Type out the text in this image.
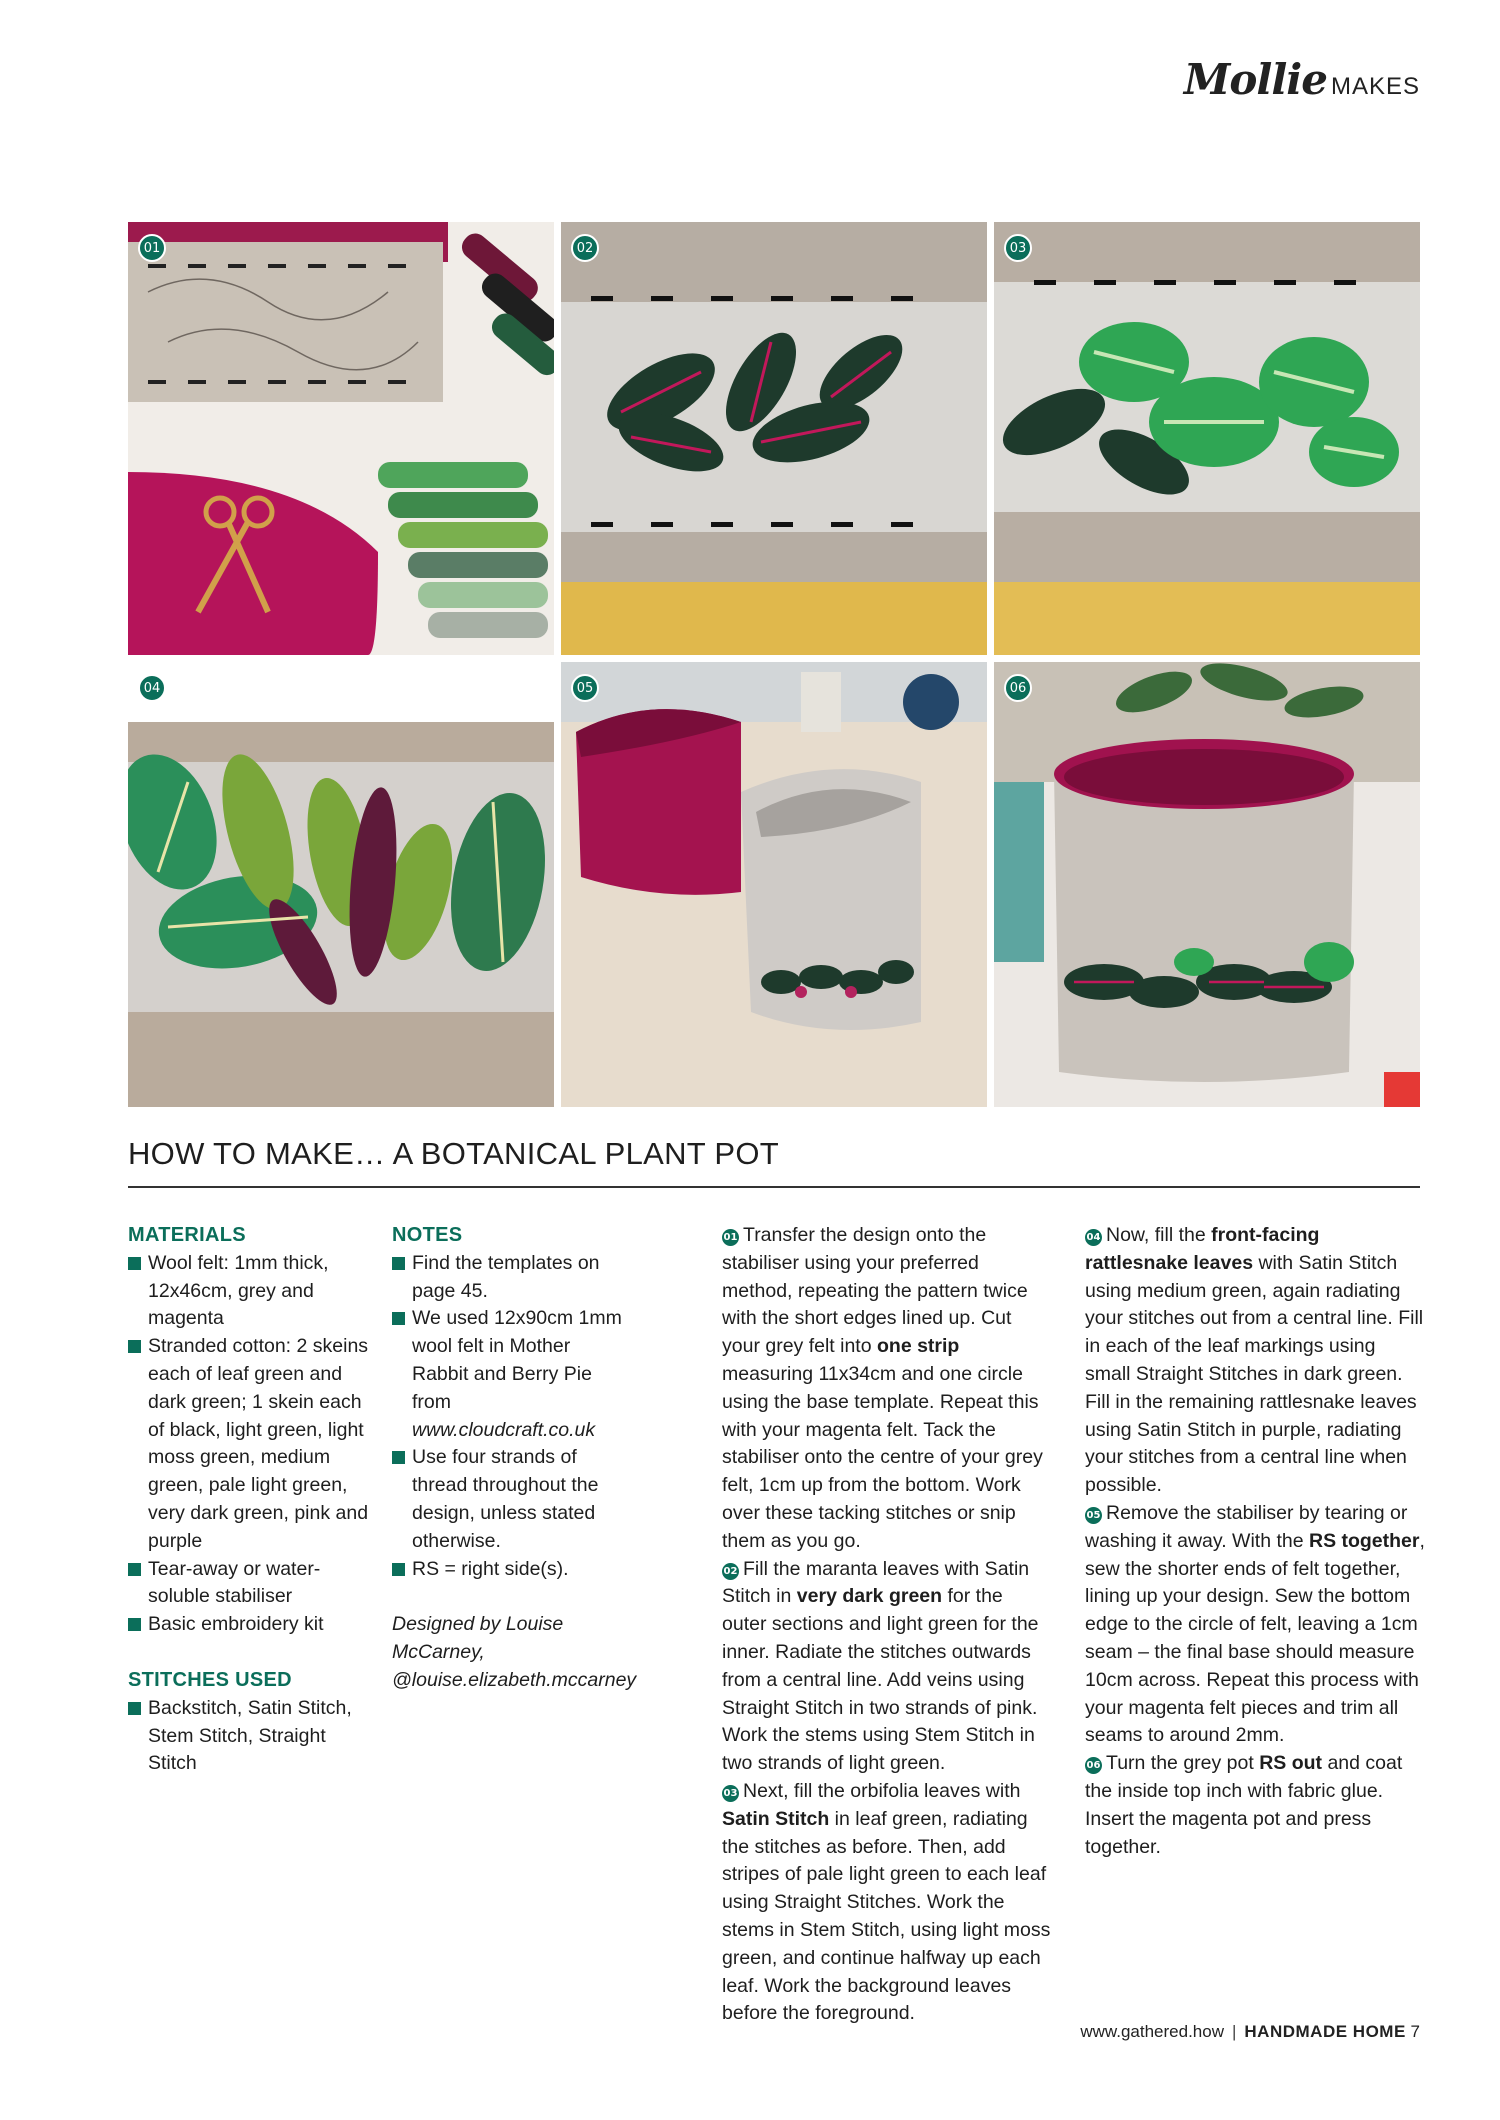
Mollie MAKES
01	02	03
04	05	06
HOW TO MAKE… A BOTANICAL PLANT POT

MATERIALS

Wool felt: 1mm thick, 12x46cm, grey and magenta
Stranded cotton: 2 skeins each of leaf green and dark green; 1 skein each of black, light green, light moss green, medium green, pale light green, very dark green, pink and purple
Tear-away or water-soluble stabiliser
Basic embroidery kit

STITCHES USED

Backstitch, Satin Stitch, Stem Stitch, Straight Stitch

NOTES

Find the templates on page 45.
We used 12x90cm 1mm wool felt in Mother Rabbit and Berry Pie from www.cloudcraft.co.uk
Use four strands of thread throughout the design, unless stated otherwise.
RS = right side(s).

Designed by Louise McCarney, @louise.elizabeth.mccarney

01 Transfer the design onto the stabiliser using your preferred method, repeating the pattern twice with the short edges lined up. Cut your grey felt into one strip measuring 11x34cm and one circle using the base template. Repeat this with your magenta felt. Tack the stabiliser onto the centre of your grey felt, 1cm up from the bottom. Work over these tacking stitches or snip them as you go.

02 Fill the maranta leaves with Satin Stitch in very dark green for the outer sections and light green for the inner. Radiate the stitches outwards from a central line. Add veins using Straight Stitch in two strands of pink. Work the stems using Stem Stitch in two strands of light green.

03 Next, fill the orbifolia leaves with Satin Stitch in leaf green, radiating the stitches as before. Then, add stripes of pale light green to each leaf using Straight Stitches. Work the stems in Stem Stitch, using light moss green, and continue halfway up each leaf. Work the background leaves before the foreground.

04 Now, fill the front-facing rattlesnake leaves with Satin Stitch using medium green, again radiating your stitches out from a central line. Fill in each of the leaf markings using small Straight Stitches in dark green. Fill in the remaining rattlesnake leaves using Satin Stitch in purple, radiating your stitches from a central line when possible.

05 Remove the stabiliser by tearing or washing it away. With the RS together, sew the shorter ends of felt together, lining up your design. Sew the bottom edge to the circle of felt, leaving a 1cm seam – the final base should measure 10cm across. Repeat this process with your magenta felt pieces and trim all seams to around 2mm.

06 Turn the grey pot RS out and coat the inside top inch with fabric glue. Insert the magenta pot and press together.

www.gathered.how | HANDMADE HOME 7
